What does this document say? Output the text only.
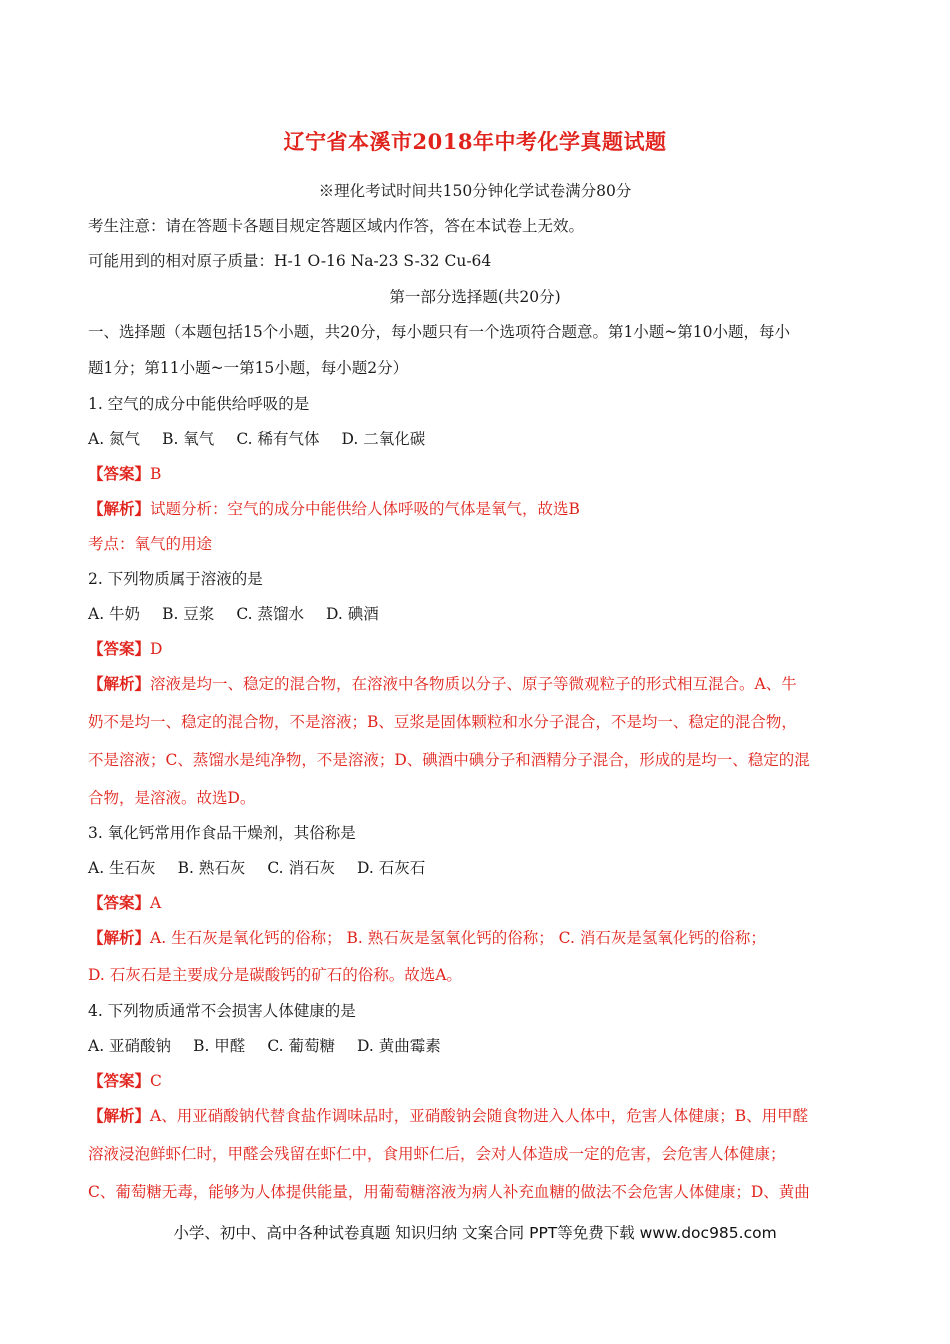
辽宁省本溪市2018年中考化学真题试题
※理化考试时间共150分钟化学试卷满分80分
考生注意：请在答题卡各题目规定答题区域内作答，答在本试卷上无效。
可能用到的相对原子质量：H-1 O-16 Na-23 S-32 Cu-64
第一部分选择题(共20分)
一、选择题（本题包括15个小题，共20分，每小题只有一个选项符合题意。第1小题~第10小题，每小
题1分；第11小题~一第15小题，每小题2分）
1. 空气的成分中能供给呼吸的是
A. 氮气 B. 氧气 C. 稀有气体 D. 二氧化碳
【答案】B
【解析】试题分析：空气的成分中能供给人体呼吸的气体是氧气，故选B
考点：氧气的用途
2. 下列物质属于溶液的是
A. 牛奶 B. 豆浆 C. 蒸馏水 D. 碘酒
【答案】D
【解析】溶液是均一、稳定的混合物，在溶液中各物质以分子、原子等微观粒子的形式相互混合。A、牛
奶不是均一、稳定的混合物，不是溶液；B、豆浆是固体颗粒和水分子混合，不是均一、稳定的混合物，
不是溶液；C、蒸馏水是纯净物，不是溶液；D、碘酒中碘分子和酒精分子混合，形成的是均一、稳定的混
合物，是溶液。故选D。
3. 氧化钙常用作食品干燥剂，其俗称是
A. 生石灰 B. 熟石灰 C. 消石灰 D. 石灰石
【答案】A
【解析】A. 生石灰是氧化钙的俗称； B. 熟石灰是氢氧化钙的俗称； C. 消石灰是氢氧化钙的俗称；
D. 石灰石是主要成分是碳酸钙的矿石的俗称。故选A。
4. 下列物质通常不会损害人体健康的是
A. 亚硝酸钠 B. 甲醛 C. 葡萄糖 D. 黄曲霉素
【答案】C
【解析】A、用亚硝酸钠代替食盐作调味品时，亚硝酸钠会随食物进入人体中，危害人体健康；B、用甲醛
溶液浸泡鲜虾仁时，甲醛会残留在虾仁中，食用虾仁后，会对人体造成一定的危害，会危害人体健康；
C、葡萄糖无毒，能够为人体提供能量，用葡萄糖溶液为病人补充血糖的做法不会危害人体健康；D、黄曲
小学、初中、高中各种试卷真题 知识归纳 文案合同 PPT等免费下载 www.doc985.com
